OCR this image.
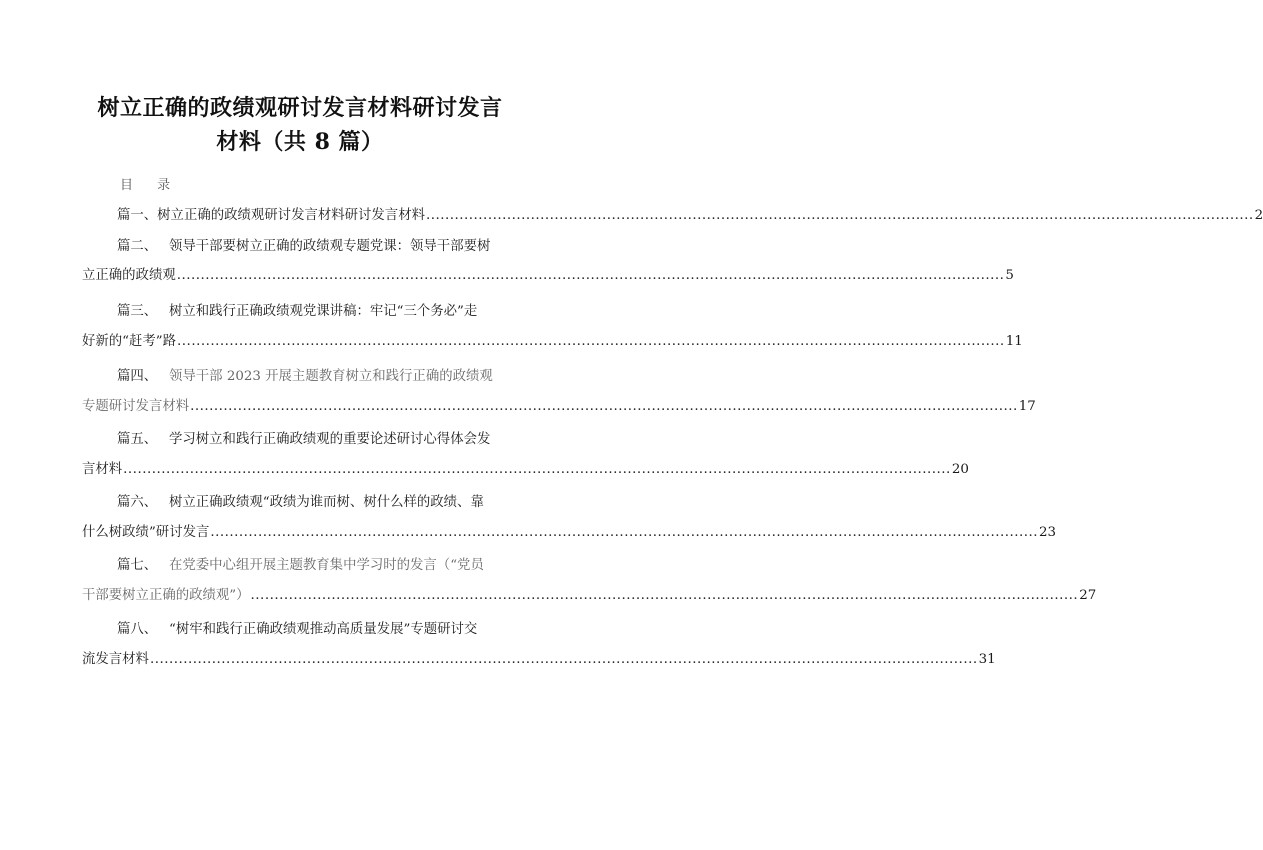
树立正确的政绩观研讨发言材料研讨发言
材料（共 8 篇）
目 录
篇一、 树立正确的政绩观研讨发言材料研讨发言材料 .............................................................................................................................................................................. 2
篇二、 领导干部要树立正确的政绩观专题党课：领导干部要树
立正确的政绩观 .............................................................................................................................................................................. 5
篇三、 树立和践行正确政绩观党课讲稿：牢记“三个务必”走
好新的“赶考”路 .............................................................................................................................................................................. 11
篇四、 领导干部 2023 开展主题教育树立和践行正确的政绩观
专题研讨发言材料 .............................................................................................................................................................................. 17
篇五、 学习树立和践行正确政绩观的重要论述研讨心得体会发
言材料 .............................................................................................................................................................................. 20
篇六、 树立正确政绩观“政绩为谁而树、树什么样的政绩、靠
什么树政绩”研讨发言 .............................................................................................................................................................................. 23
篇七、 在党委中心组开展主题教育集中学习时的发言（“党员
干部要树立正确的政绩观”） .............................................................................................................................................................................. 27
篇八、 “树牢和践行正确政绩观推动高质量发展”专题研讨交
流发言材料 .............................................................................................................................................................................. 31
